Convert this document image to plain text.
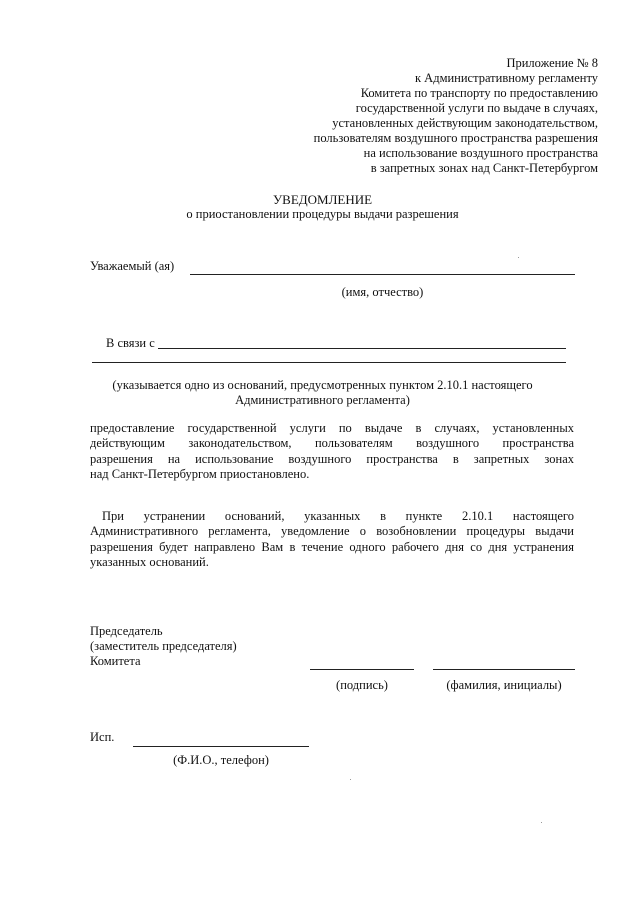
Приложение № 8
к Административному регламенту
Комитета по транспорту по предоставлению
государственной услуги по выдаче в случаях,
установленных действующим законодательством,
пользователям воздушного пространства разрешения
на использование воздушного пространства
в запретных зонах над Санкт-Петербургом
УВЕДОМЛЕНИЕ
о приостановлении процедуры выдачи разрешения
Уважаемый (ая)
(имя, отчество)
В связи с
(указывается одно из оснований, предусмотренных пунктом 2.10.1 настоящего
Административного регламента)
предоставление государственной услуги по выдаче в случаях, установленных
действующим законодательством, пользователям воздушного пространства
разрешения на использование воздушного пространства в запретных зонах
над Санкт-Петербургом приостановлено.
При устранении оснований, указанных в пункте 2.10.1 настоящего
Административного регламента, уведомление о возобновлении процедуры выдачи
разрешения будет направлено Вам в течение одного рабочего дня со дня устранения
указанных оснований.
Председатель
(заместитель председателя)
Комитета
(подпись)	(фамилия, инициалы)
Исп.
(Ф.И.О., телефон)
